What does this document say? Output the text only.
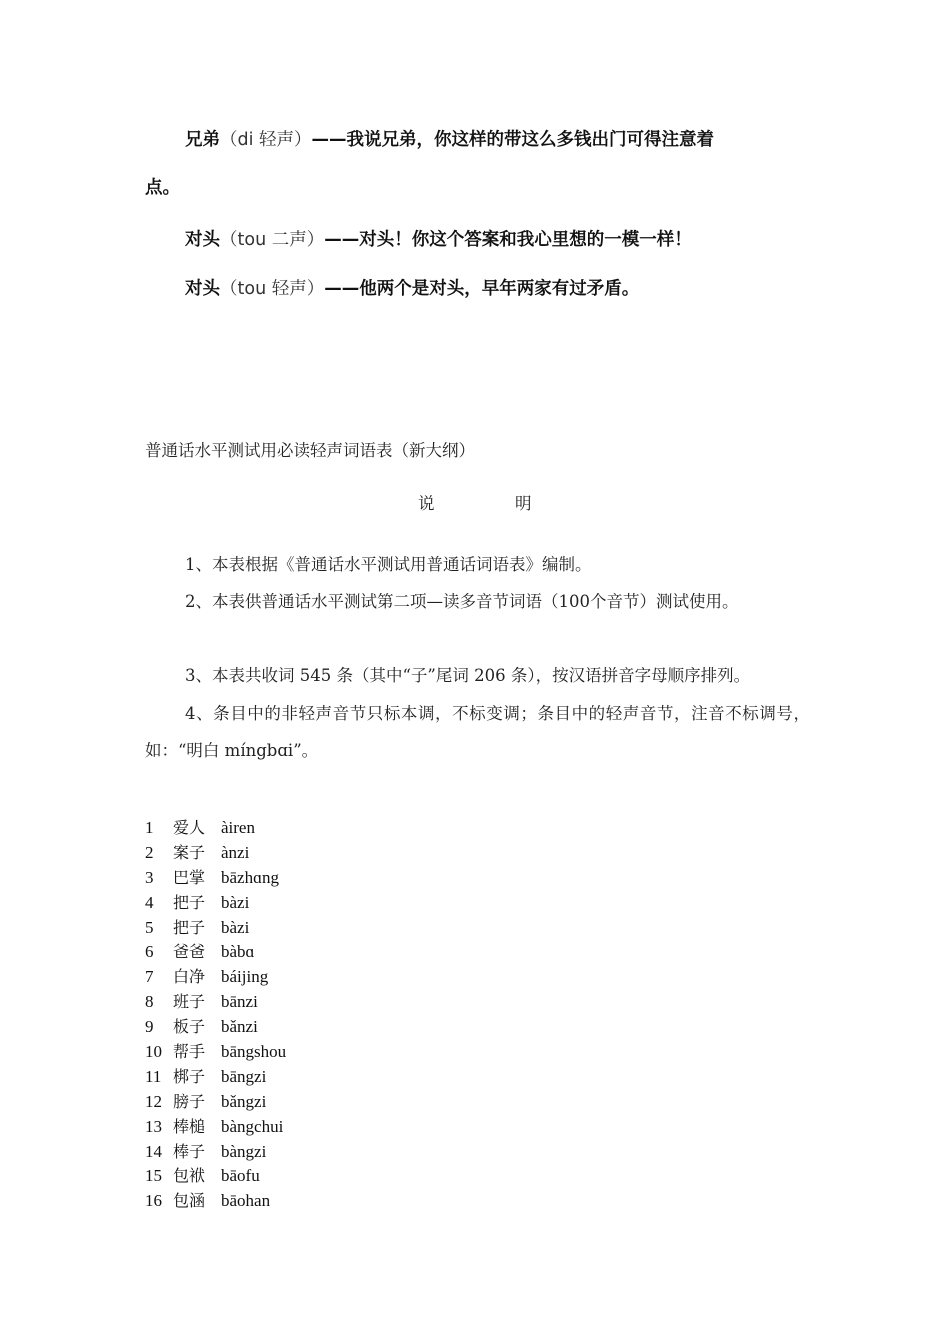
兄弟（di 轻声）——我说兄弟，你这样的带这么多钱出门可得注意着
点。
对头（tou 二声）——对头！你这个答案和我心里想的一模一样！
对头（tou 轻声）——他两个是对头，早年两家有过矛盾。
普通话水平测试用必读轻声词语表（新大纲）
说	明
1、本表根据《普通话水平测试用普通话词语表》编制。
2、本表供普通话水平测试第二项—读多音节词语（100个音节）测试使用。
3、本表共收词 545 条（其中“子”尾词 206 条），按汉语拼音字母顺序排列。
4、条目中的非轻声音节只标本调，不标变调；条目中的轻声音节，注音不标调号，如：“明白 míngbɑi”。
1 爱人 àiren
2 案子 ànzi
3 巴掌 bāzhɑng
4 把子 bàzi
5 把子 bàzi
6 爸爸 bàbɑ
7 白净 báijing
8 班子 bānzi
9 板子 bǎnzi
10 帮手 bāngshou
11 梆子 bāngzi
12 膀子 bǎngzi
13 棒槌 bàngchui
14 棒子 bàngzi
15 包袱 bāofu
16 包涵 bāohan
